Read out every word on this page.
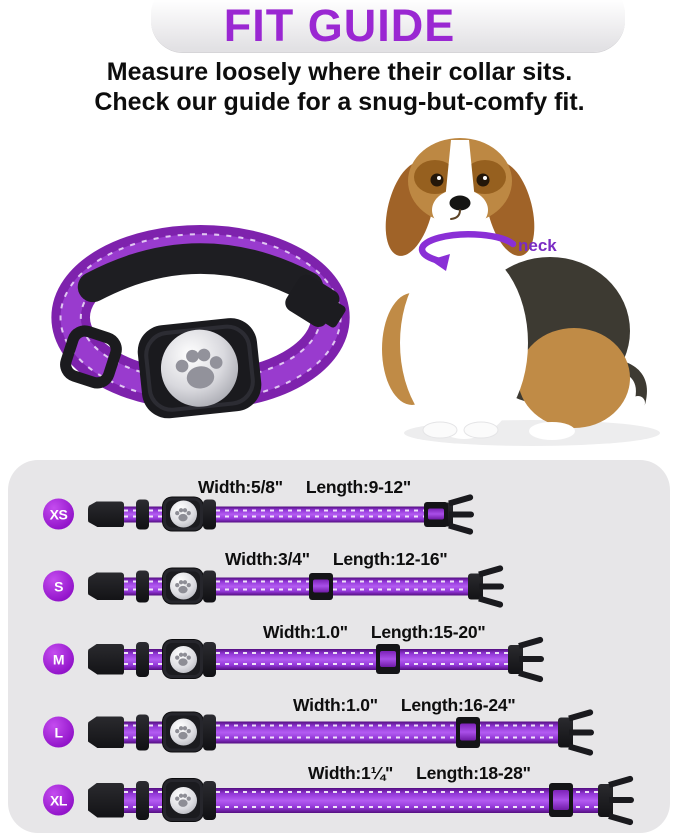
FIT GUIDE

Measure loosely where their collar sits.
Check our guide for a snug-but-comfy fit.

neck
XS
Width:5/8" Length:9-12"
S
Width:3/4" Length:12-16"
M
Width:1.0" Length:15-20"
L
Width:1.0" Length:16-24"
XL
Width:1¼" Length:18-28"
